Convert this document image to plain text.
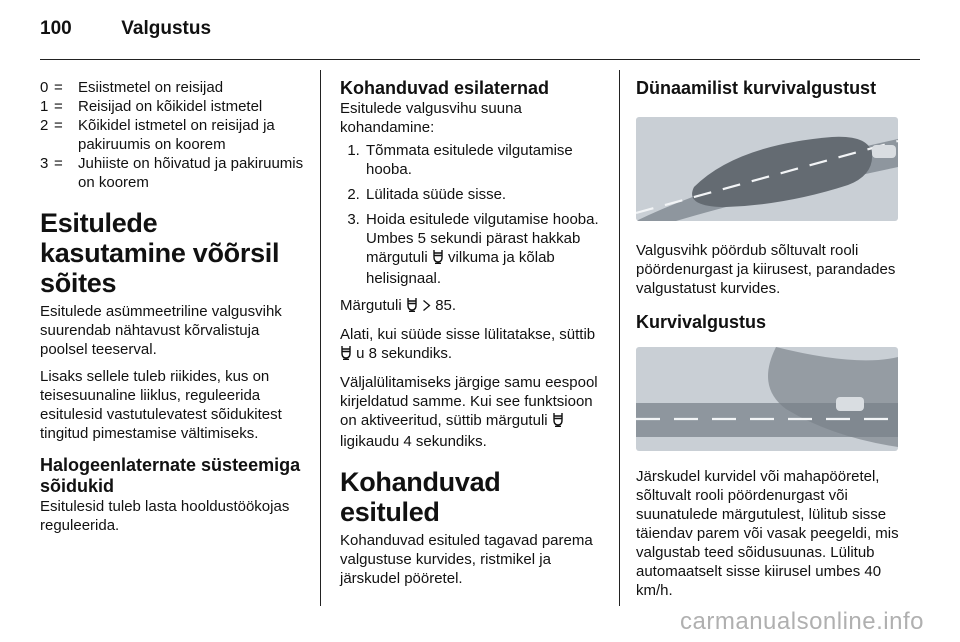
100	Valgustus
0 =	Esiistmetel on reisijad
1 =	Reisijad on kõikidel istmetel
2 =	Kõikidel istmetel on reisijad ja pakiruumis on koorem
3 =	Juhiiste on hõivatud ja pakiruumis on koorem
Esitulede kasutamine võõrsil sõites

Esitulede asümmeetriline valgusvihk suurendab nähtavust kõrvalistuja poolsel teeserval.

Lisaks sellele tuleb riikides, kus on teisesuunaline liiklus, reguleerida esitulesid vastutulevatest sõidukitest tingitud pimestamise vältimiseks.

Halogeenlaternate süsteemiga sõidukid

Esitulesid tuleb lasta hooldustöökojas reguleerida.

Kohanduvad esilaternad

Esitulede valgusvihu suuna kohandamine:

1. Tõmmata esitulede vilgutamise hooba.
2. Lülitada süüde sisse.
3. Hoida esitulede vilgutamise hooba. Umbes 5 sekundi pärast hakkab märgutuli vilkuma ja kõlab helisignaal.

Märgutuli 85.

Alati, kui süüde sisse lülitatakse, süttib  u 8 sekundiks.

Väljalülitamiseks järgige samu eespool kirjeldatud samme. Kui see funktsioon on aktiveeritud, süttib märgutuli  ligikaudu 4 sekundiks.

Kohanduvad esituled

Kohanduvad esituled tagavad parema valgustuse kurvides, ristmikel ja järskudel pööretel.

Dünaamilist kurvivalgustust

Valgusvihk pöördub sõltuvalt rooli pöördenurgast ja kiirusest, parandades valgustatust kurvides.

Kurvivalgustus

Järskudel kurvidel või mahapööretel, sõltuvalt rooli pöördenurgast või suunatulede märgutulest, lülitub sisse täiendav parem või vasak peegeldi, mis valgustab teed sõidusuunas. Lülitub automaatselt sisse kiirusel umbes 40 km/h.

carmanualsonline.info
